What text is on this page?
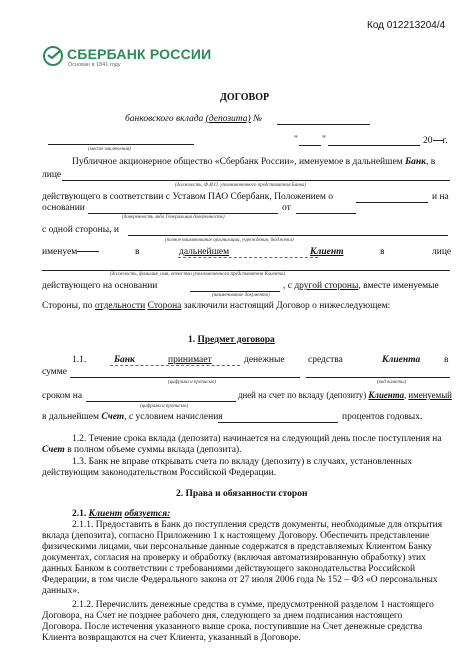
Код 012213204/4
СБЕРБАНК РОССИИ
Основан в 1841 году
ДОГОВОР
банковского вклада (депозита) №
(место заключения)
"	"	20 г.
Публичное акционерное общество «Сбербанк России», именуемое в дальнейшем Банк, в
лице
(должность, Ф.И.О. уполномоченного представителя Банка)
действующего в соответствии с Уставом ПАО Сбербанк, Положением о	и на
основании	от
(доверенность либо Генеральная доверенность)
с одной стороны, и
(полное наименование организации, учреждения, бюджета)
именуем	в	дальнейшем	Клиент	в	лице
(должность, фамилия, имя, отчество уполномоченного представителя Клиента)
действующего на основании	, с другой стороны, вместе именуемые
(наименование документа)
Стороны, по отдельности Сторона заключили настоящий Договор о нижеследующем:
1. Предмет договора
1.1.	Банк	принимает	денежные средства	Клиента	в
сумме
(цифрами и прописью)	(вид валюты)
сроком на	дней на счет по вкладу (депозиту) Клиента, именуемый
(цифрами и прописью)
в дальнейшем Счет, с условием начисления	процентов годовых.
1.2. Течение срока вклада (депозита) начинается на следующий день после поступления на
Счет в полном объеме суммы вклада (депозита).
1.3. Банк не вправе открывать счета по вкладу (депозиту) в случаях, установленных
действующим законодательством Российской Федерации.
2. Права и обязанности сторон
2.1. Клиент обязуется:
2.1.1. Предоставить в Банк до поступления средств документы, необходимые для открытия
вклада (депозита), согласно Приложению 1 к настоящему Договору. Обеспечить представление
физическими лицами, чьи персональные данные содержатся в представляемых Клиентом Банку
документах, согласия на проверку и обработку (включая автоматизированную обработку) этих
данных Банком в соответствии с требованиями действующего законодательства Российской
Федерации, в том числе Федерального закона от 27 июля 2006 года № 152 – ФЗ «О персональных
данных».
2.1.2. Перечислить денежные средства в сумме, предусмотренной разделом 1 настоящего
Договора, на Счет не позднее рабочего дня, следующего за днем подписания настоящего
Договора. После истечения указанного выше срока, поступившие на Счет денежные средства
Клиента возвращаются на счет Клиента, указанный в Договоре.
